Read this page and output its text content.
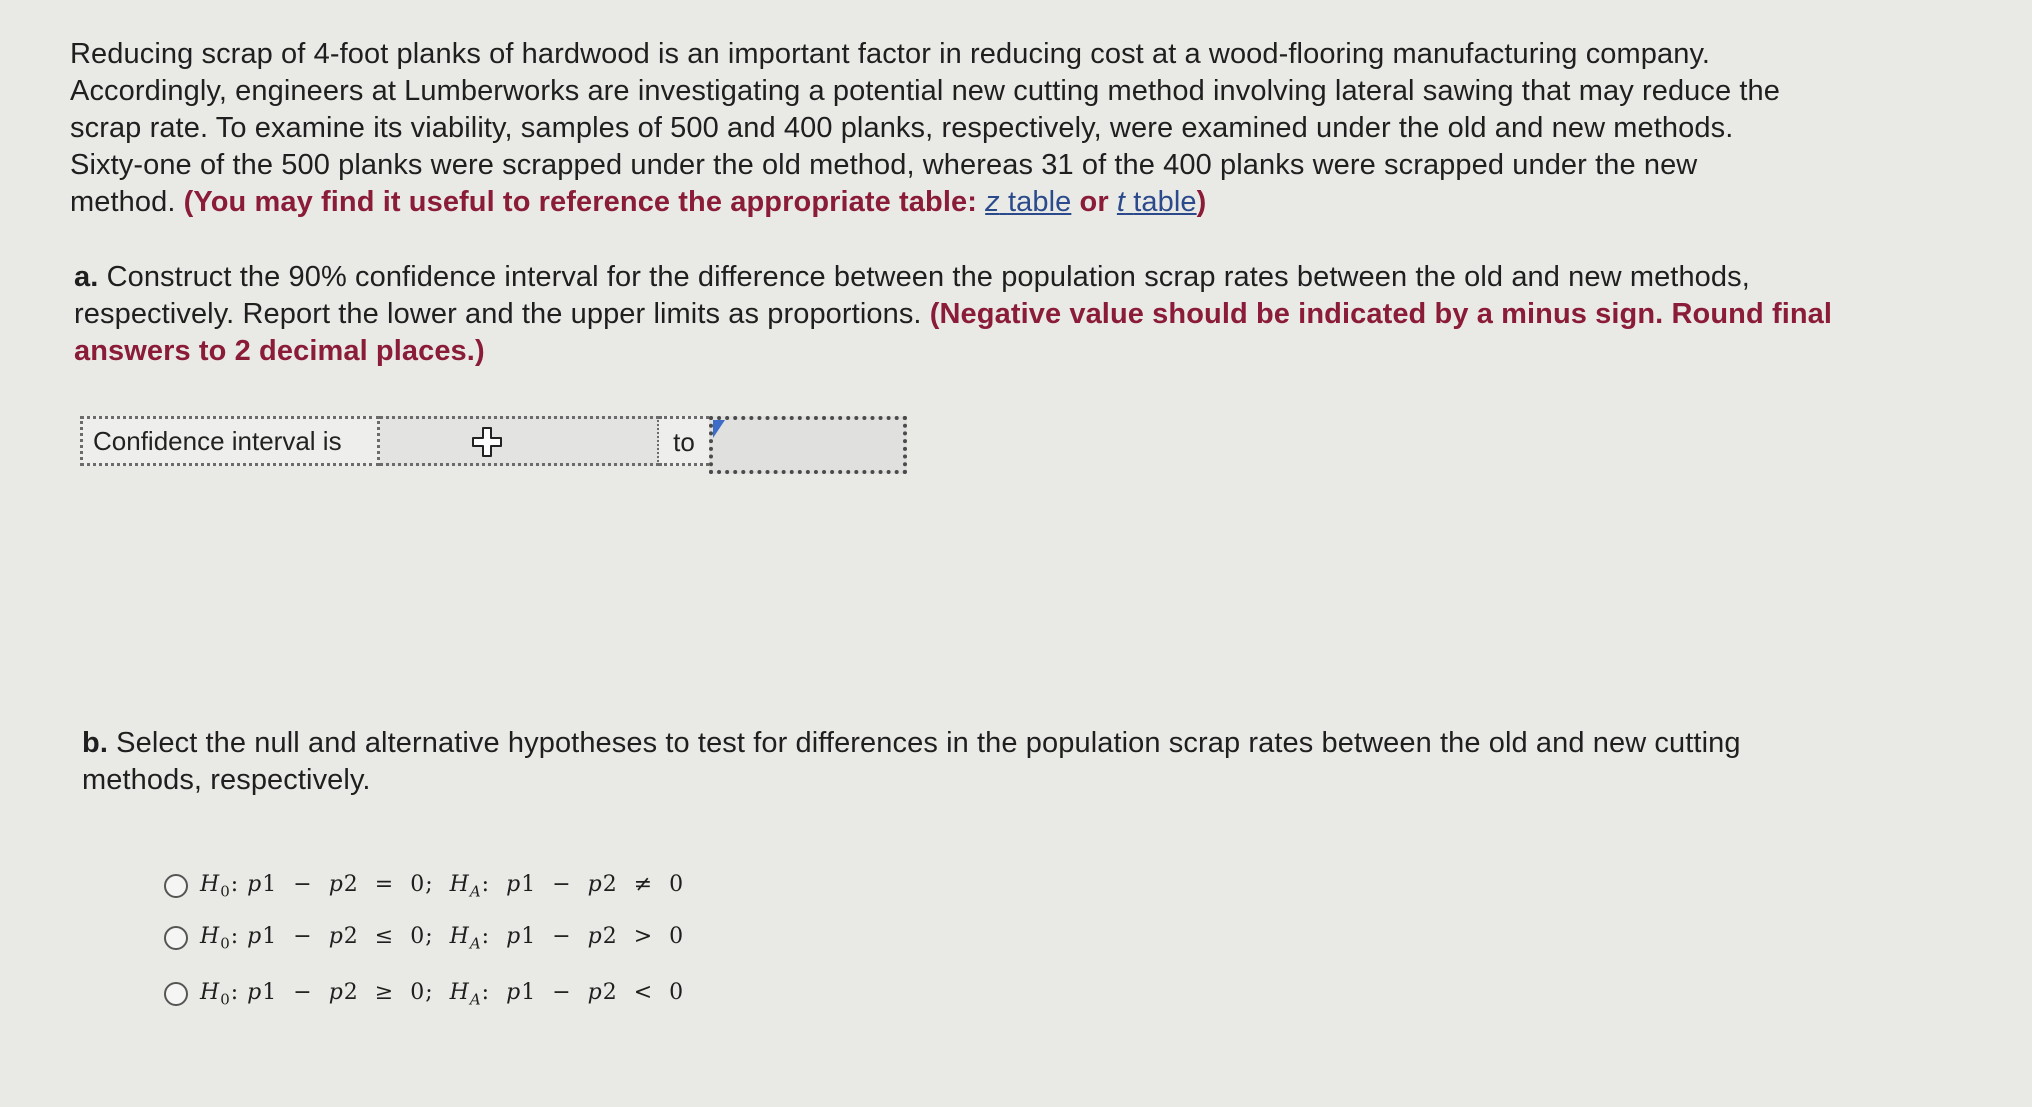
Reducing scrap of 4-foot planks of hardwood is an important factor in reducing cost at a wood-flooring manufacturing company.
Accordingly, engineers at Lumberworks are investigating a potential new cutting method involving lateral sawing that may reduce the
scrap rate. To examine its viability, samples of 500 and 400 planks, respectively, were examined under the old and new methods.
Sixty-one of the 500 planks were scrapped under the old method, whereas 31 of the 400 planks were scrapped under the new
method. (You may find it useful to reference the appropriate table: z table or t table)
a. Construct the 90% confidence interval for the difference between the population scrap rates between the old and new methods,
respectively. Report the lower and the upper limits as proportions. (Negative value should be indicated by a minus sign. Round final
answers to 2 decimal places.)
Confidence interval is	to
b. Select the null and alternative hypotheses to test for differences in the population scrap rates between the old and new cutting
methods, respectively.
$H_0$: p1 − p2 = 0; $H_A$: p1 − p2 ≠ 0
$H_0$: p1 − p2 ≤ 0; $H_A$: p1 − p2 > 0
$H_0$: p1 − p2 ≥ 0; $H_A$: p1 − p2 < 0
